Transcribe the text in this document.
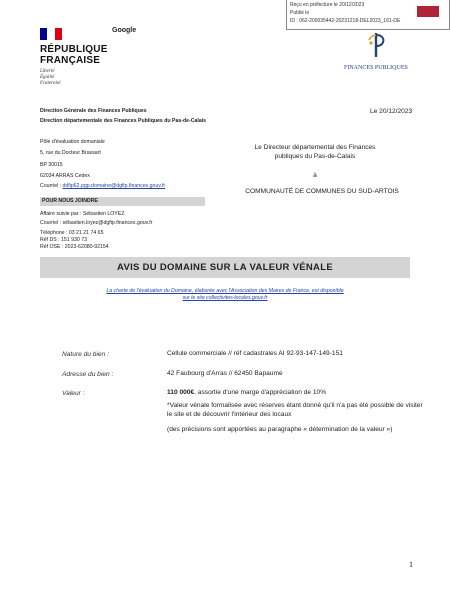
Reçu en préfecture le 20/12/2023
Publié le
ID : 062-200035442-20231218-DEL2023_161-DE
RÉPUBLIQUE
FRANÇAISE
Liberté
Égalité
Fraternité
Google
FINANCES PUBLIQUES
Direction Générale des Finances Publiques
Direction départementale des Finances Publiques du Pas-de-Calais
Pôle d'évaluation domaniale
5, rue du Docteur Brassart
BP 30015
62034 ARRAS Cedex
Courriel : ddfip62.pgp.domaine@dgfip.finances.gouv.fr
Le 20/12/2023
Le Directeur départemental des Finances publiques du Pas-de-Calais
à
COMMUNAUTÉ DE COMMUNES DU SUD-ARTOIS
POUR NOUS JOINDRE
Affaire suivie par : Sébastien LOYEZ
Courriel : sébastien.loyez@dgfip.finances.gouv.fr
Téléphone : 03 21 21 74 65
Réf DS : 151 930 73
Réf OSE : 2023-62080-92154
AVIS DU DOMAINE SUR LA VALEUR VÉNALE
La charte de l'évaluation du Domaine, élaborée avec l'Association des Maires de France, est disponible
sur le site collectivites-locales.gouv.fr
Nature du bien :	Cellule commerciale // réf cadastrales AI 92-93-147-149-151
Adresse du bien :	42 Faubourg d'Arras // 62450 Bapaume
Valeur :	110 000€, assortie d'une marge d'appréciation de 10%
*Valeur vénale formalisée avec réserves étant donné qu'il n'a pas été possible de visiter le site et de découvrir l'intérieur des locaux
(des précisions sont apportées au paragraphe « détermination de la valeur »)
1
